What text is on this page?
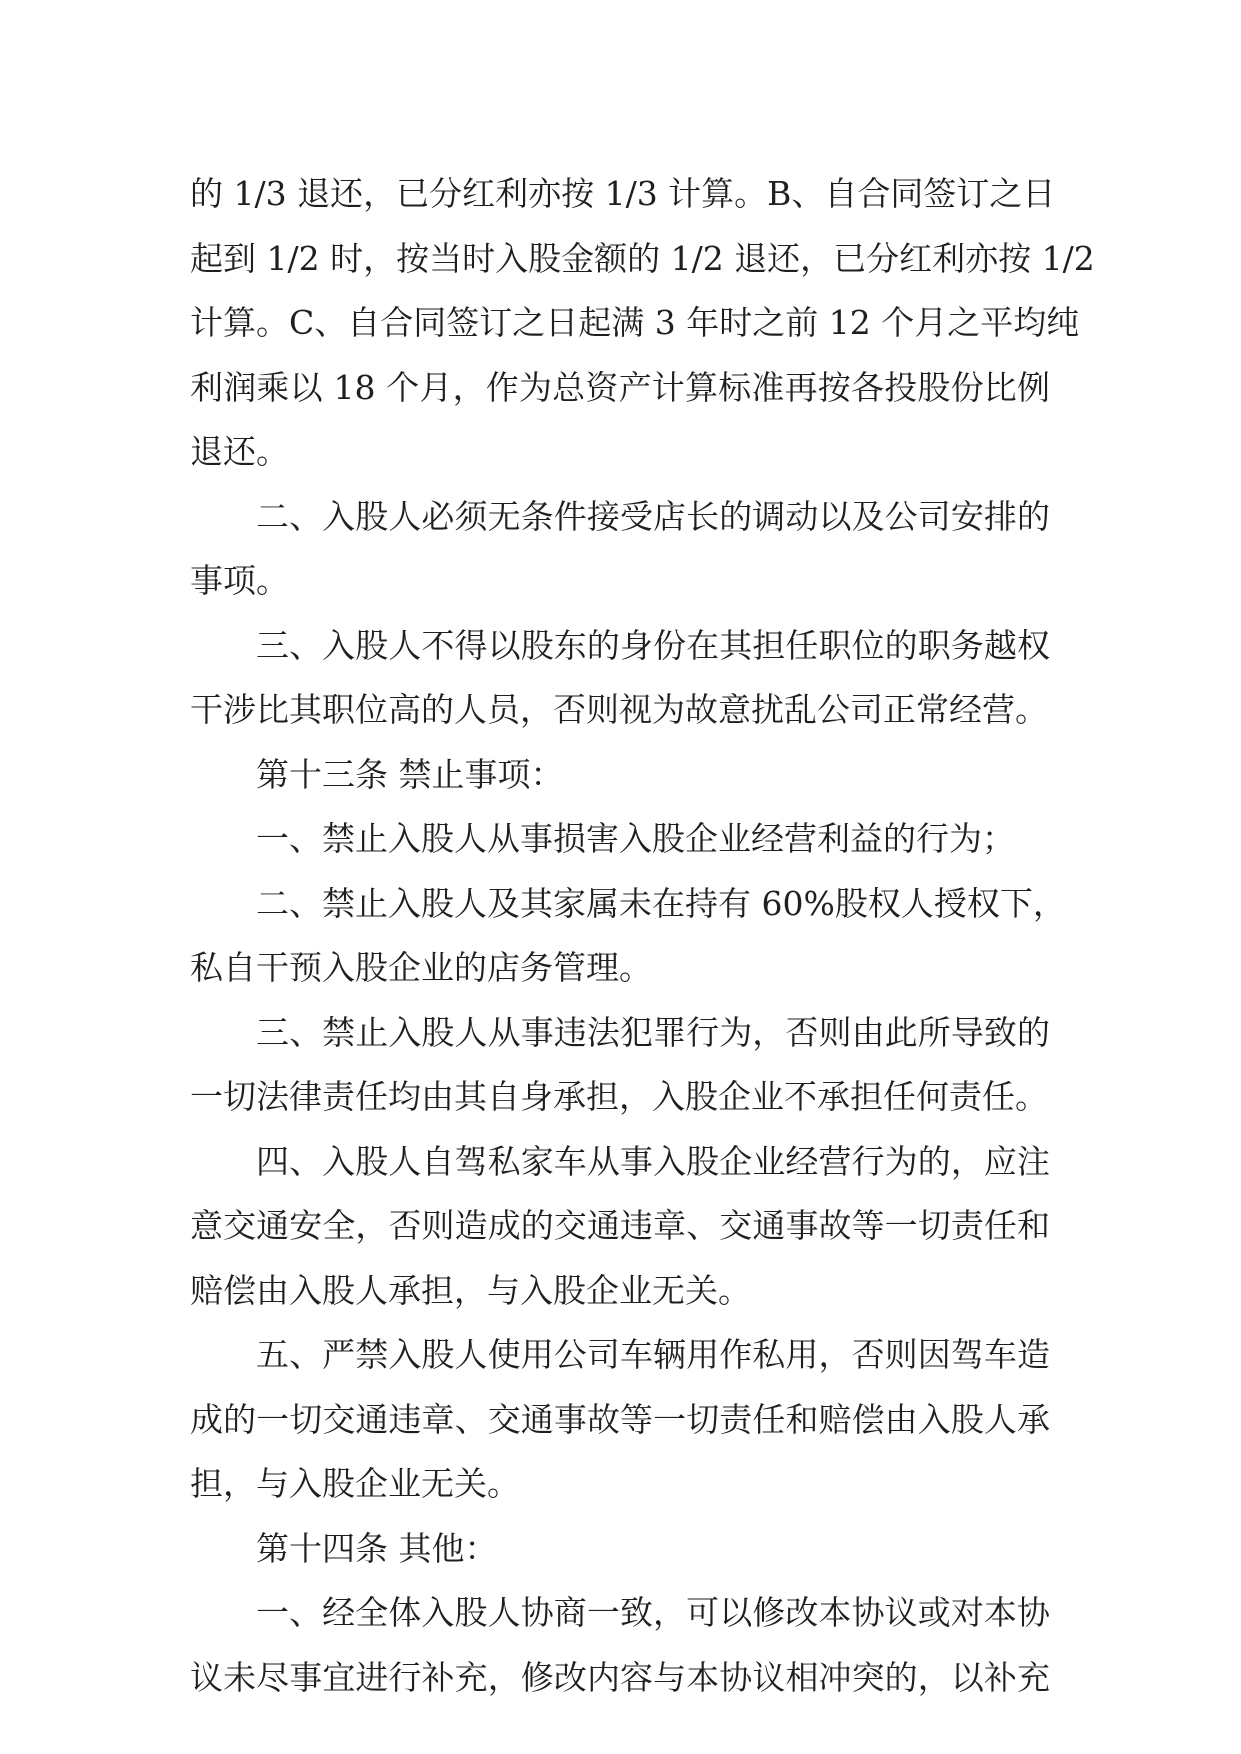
的 1/3 退还，已分红利亦按 1/3 计算。B、自合同签订之日
起到 1/2 时，按当时入股金额的 1/2 退还，已分红利亦按 1/2
计算。C、自合同签订之日起满 3 年时之前 12 个月之平均纯
利润乘以 18 个月，作为总资产计算标准再按各投股份比例
退还。
二、入股人必须无条件接受店长的调动以及公司安排的
事项。
三、入股人不得以股东的身份在其担任职位的职务越权
干涉比其职位高的人员，否则视为故意扰乱公司正常经营。
第十三条 禁止事项：
一、禁止入股人从事损害入股企业经营利益的行为；
二、禁止入股人及其家属未在持有 60%股权人授权下，
私自干预入股企业的店务管理。
三、禁止入股人从事违法犯罪行为，否则由此所导致的
一切法律责任均由其自身承担，入股企业不承担任何责任。
四、入股人自驾私家车从事入股企业经营行为的，应注
意交通安全，否则造成的交通违章、交通事故等一切责任和
赔偿由入股人承担，与入股企业无关。
五、严禁入股人使用公司车辆用作私用，否则因驾车造
成的一切交通违章、交通事故等一切责任和赔偿由入股人承
担，与入股企业无关。
第十四条 其他：
一、经全体入股人协商一致，可以修改本协议或对本协
议未尽事宜进行补充，修改内容与本协议相冲突的，以补充
